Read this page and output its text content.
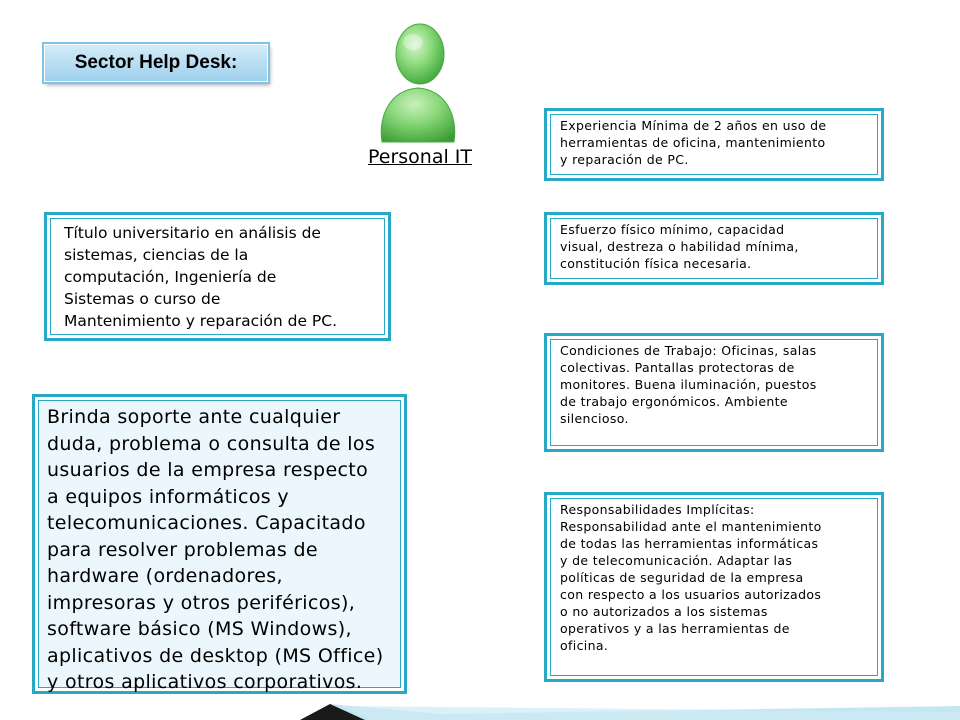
Sector Help Desk:
Personal IT
Título universitario en análisis de
sistemas, ciencias de la
computación, Ingeniería de
Sistemas o curso de
Mantenimiento y reparación de PC.
Brinda soporte ante cualquier
duda, problema o consulta de los
usuarios de la empresa respecto
a equipos informáticos y
telecomunicaciones. Capacitado
para resolver problemas de
hardware (ordenadores,
impresoras y otros periféricos),
software básico (MS Windows),
aplicativos de desktop (MS Office)
y otros aplicativos corporativos.
Experiencia Mínima de 2 años en uso de
herramientas de oficina, mantenimiento
y reparación de PC.
Esfuerzo físico mínimo, capacidad
visual, destreza o habilidad mínima,
constitución física necesaria.
Condiciones de Trabajo: Oficinas, salas
colectivas. Pantallas protectoras de
monitores. Buena iluminación, puestos
de trabajo ergonómicos. Ambiente
silencioso.
Responsabilidades Implícitas:
Responsabilidad ante el mantenimiento
de todas las herramientas informáticas
y de telecomunicación. Adaptar las
políticas de seguridad de la empresa
con respecto a los usuarios autorizados
o no autorizados a los sistemas
operativos y a las herramientas de
oficina.
